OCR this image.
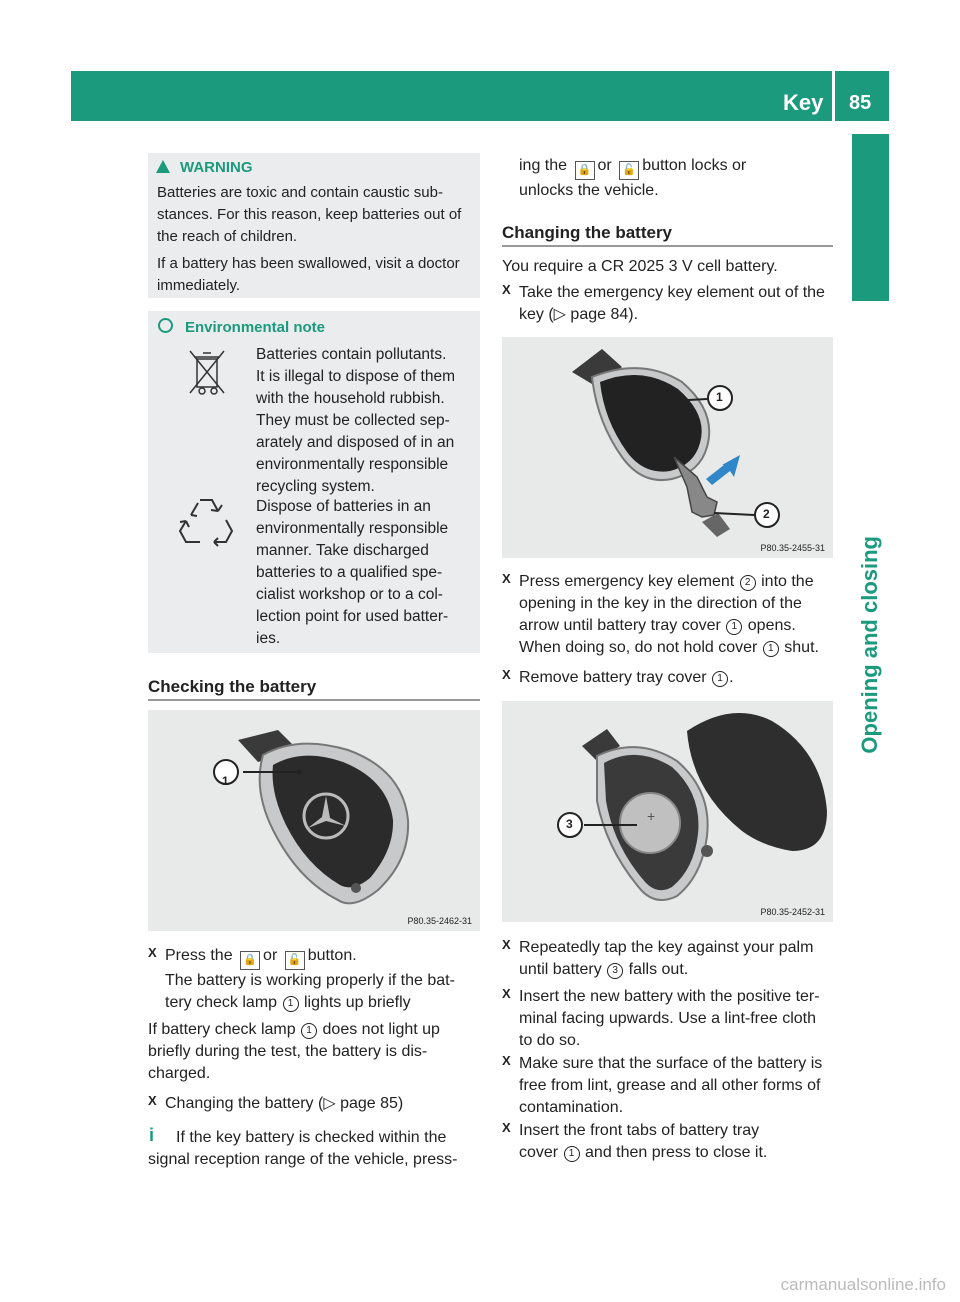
Key 85
Opening and closing
WARNING
Batteries are toxic and contain caustic sub-
stances. For this reason, keep batteries out of
the reach of children.
If a battery has been swallowed, visit a doctor
immediately.
Environmental note
Batteries contain pollutants.
It is illegal to dispose of them
with the household rubbish.
They must be collected sep-
arately and disposed of in an
environmentally responsible
recycling system.
Dispose of batteries in an
environmentally responsible
manner. Take discharged
batteries to a qualified spe-
cialist workshop or to a col-
lection point for used batter-
ies.
Checking the battery
1
P80.35-2462-31
X Press the 🔒 or 🔓 button.
The battery is working properly if the bat-
tery check lamp 1 lights up briefly
If battery check lamp 1 does not light up
briefly during the test, the battery is dis-
charged.
X Changing the battery (▷ page 85)
i If the key battery is checked within the
signal reception range of the vehicle, press-
ing the 🔒 or 🔓 button locks or
unlocks the vehicle.
Changing the battery
You require a CR 2025 3 V cell battery.
X Take the emergency key element out of the
key (▷ page 84).
1
2
P80.35-2455-31
X Press emergency key element 2 into the
opening in the key in the direction of the
arrow until battery tray cover 1 opens.
When doing so, do not hold cover 1 shut.
X Remove battery tray cover 1 .
+
3
P80.35-2452-31
X Repeatedly tap the key against your palm
until battery 3 falls out.
X Insert the new battery with the positive ter-
minal facing upwards. Use a lint-free cloth
to do so.
X Make sure that the surface of the battery is
free from lint, grease and all other forms of
contamination.
X Insert the front tabs of battery tray
cover 1 and then press to close it.
carmanualsonline.info
